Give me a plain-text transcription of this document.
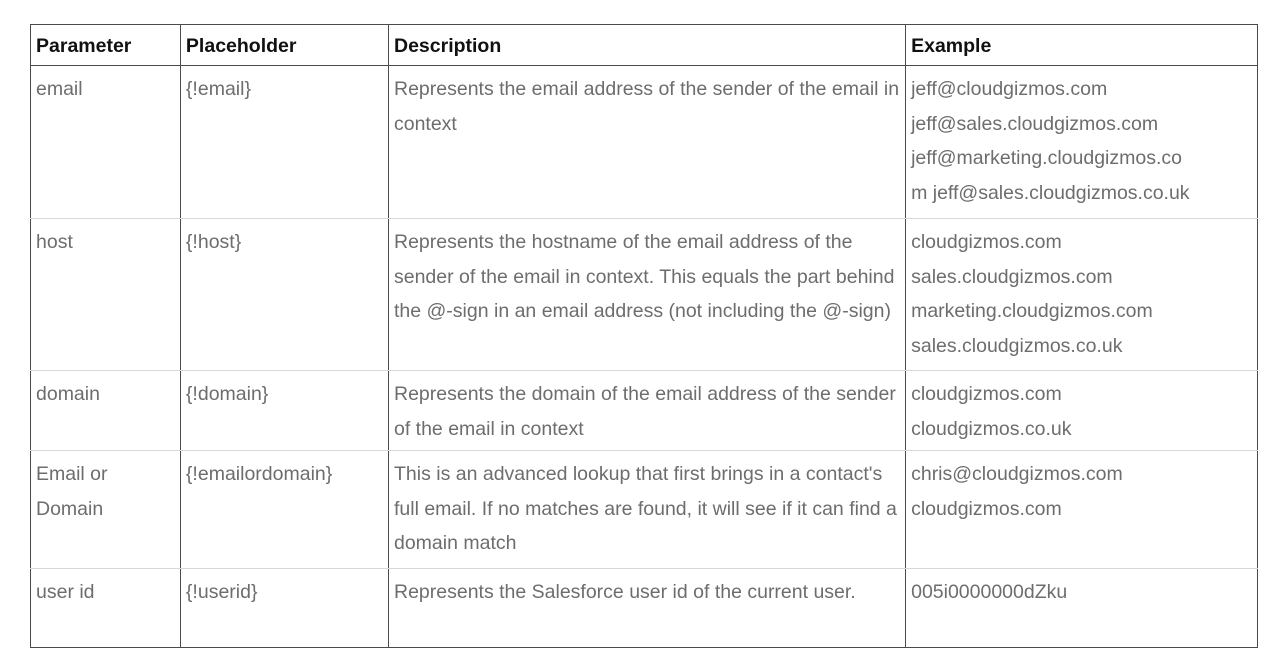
Parameter	Placeholder	Description	Example
email	{!email}	Represents the email address of the sender of the email in context	jeff@cloudgizmos.com
jeff@sales.cloudgizmos.com
jeff@marketing.cloudgizmos.co
m jeff@sales.cloudgizmos.co.uk

host	{!host}	Represents the hostname of the email address of the sender of the email in context. This equals the part behind the @-sign in an email address (not including the @-sign)	cloudgizmos.com
sales.cloudgizmos.com
marketing.cloudgizmos.com
sales.cloudgizmos.co.uk

domain	{!domain}	Represents the domain of the email address of the sender of the email in context	cloudgizmos.com
cloudgizmos.co.uk

Email or Domain	{!emailordomain}	This is an advanced lookup that first brings in a contact's full email. If no matches are found, it will see if it can find a domain match	chris@cloudgizmos.com
cloudgizmos.com

user id	{!userid}	Represents the Salesforce user id of the current user.	005i0000000dZku
